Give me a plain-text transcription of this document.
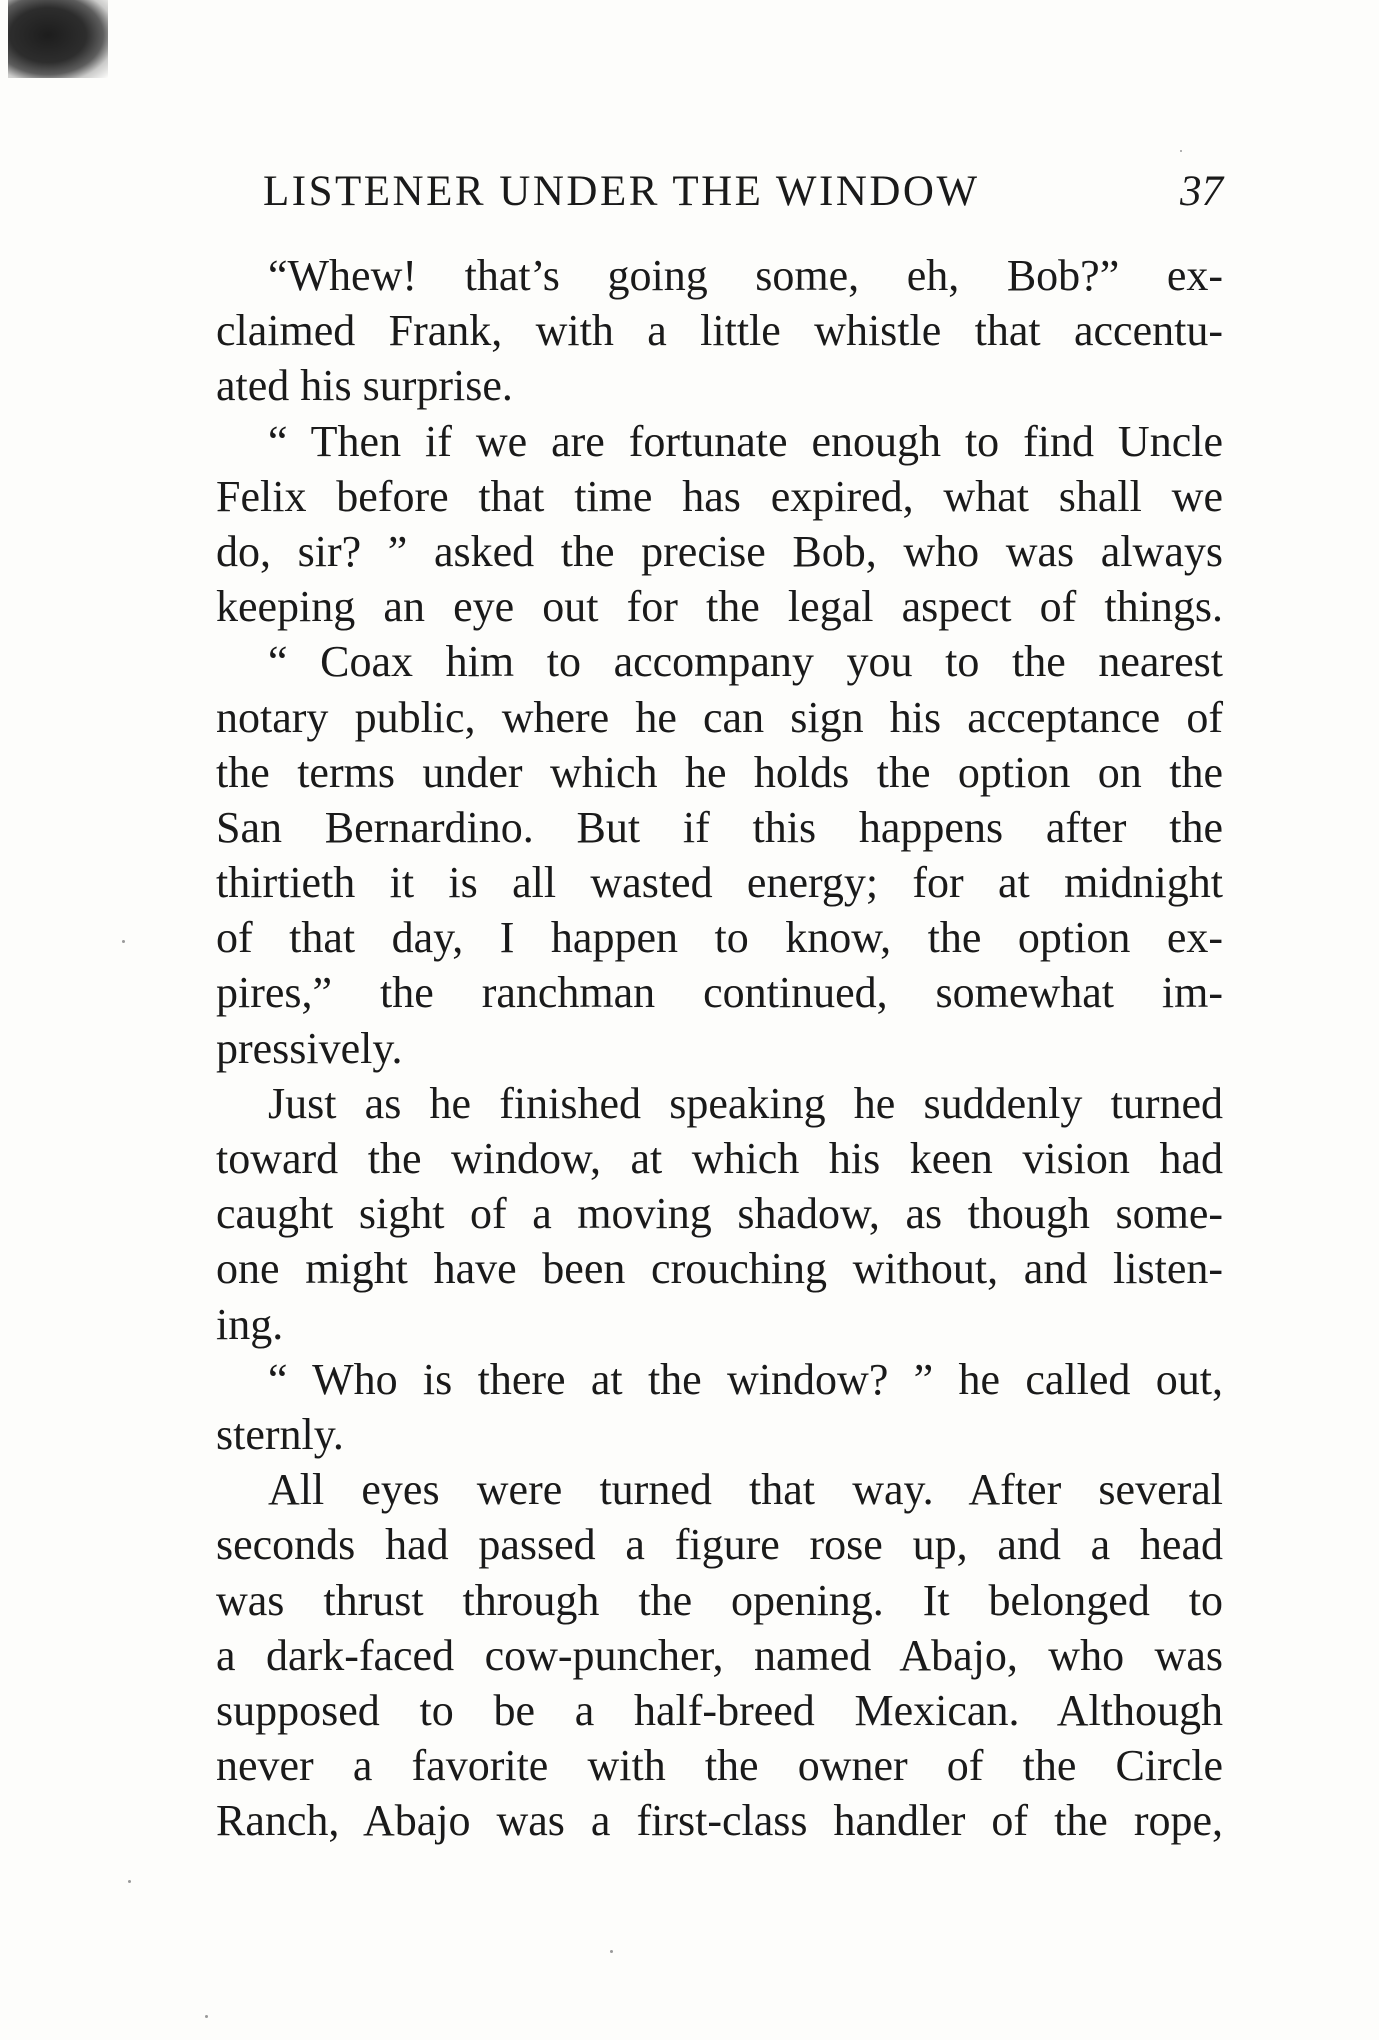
LISTENER UNDER THE WINDOW	37
“Whew! that’s going some, eh, Bob?” ex-
claimed Frank, with a little whistle that accentu-
ated his surprise.
“ Then if we are fortunate enough to find Uncle
Felix before that time has expired, what shall we
do, sir? ” asked the precise Bob, who was always
keeping an eye out for the legal aspect of things.
“ Coax him to accompany you to the nearest
notary public, where he can sign his acceptance of
the terms under which he holds the option on the
San Bernardino. But if this happens after the
thirtieth it is all wasted energy; for at midnight
of that day, I happen to know, the option ex-
pires,” the ranchman continued, somewhat im-
pressively.
Just as he finished speaking he suddenly turned
toward the window, at which his keen vision had
caught sight of a moving shadow, as though some-
one might have been crouching without, and listen-
ing.
“ Who is there at the window? ” he called out,
sternly.
All eyes were turned that way. After several
seconds had passed a figure rose up, and a head
was thrust through the opening. It belonged to
a dark-faced cow-puncher, named Abajo, who was
supposed to be a half-breed Mexican. Although
never a favorite with the owner of the Circle
Ranch, Abajo was a first-class handler of the rope,
